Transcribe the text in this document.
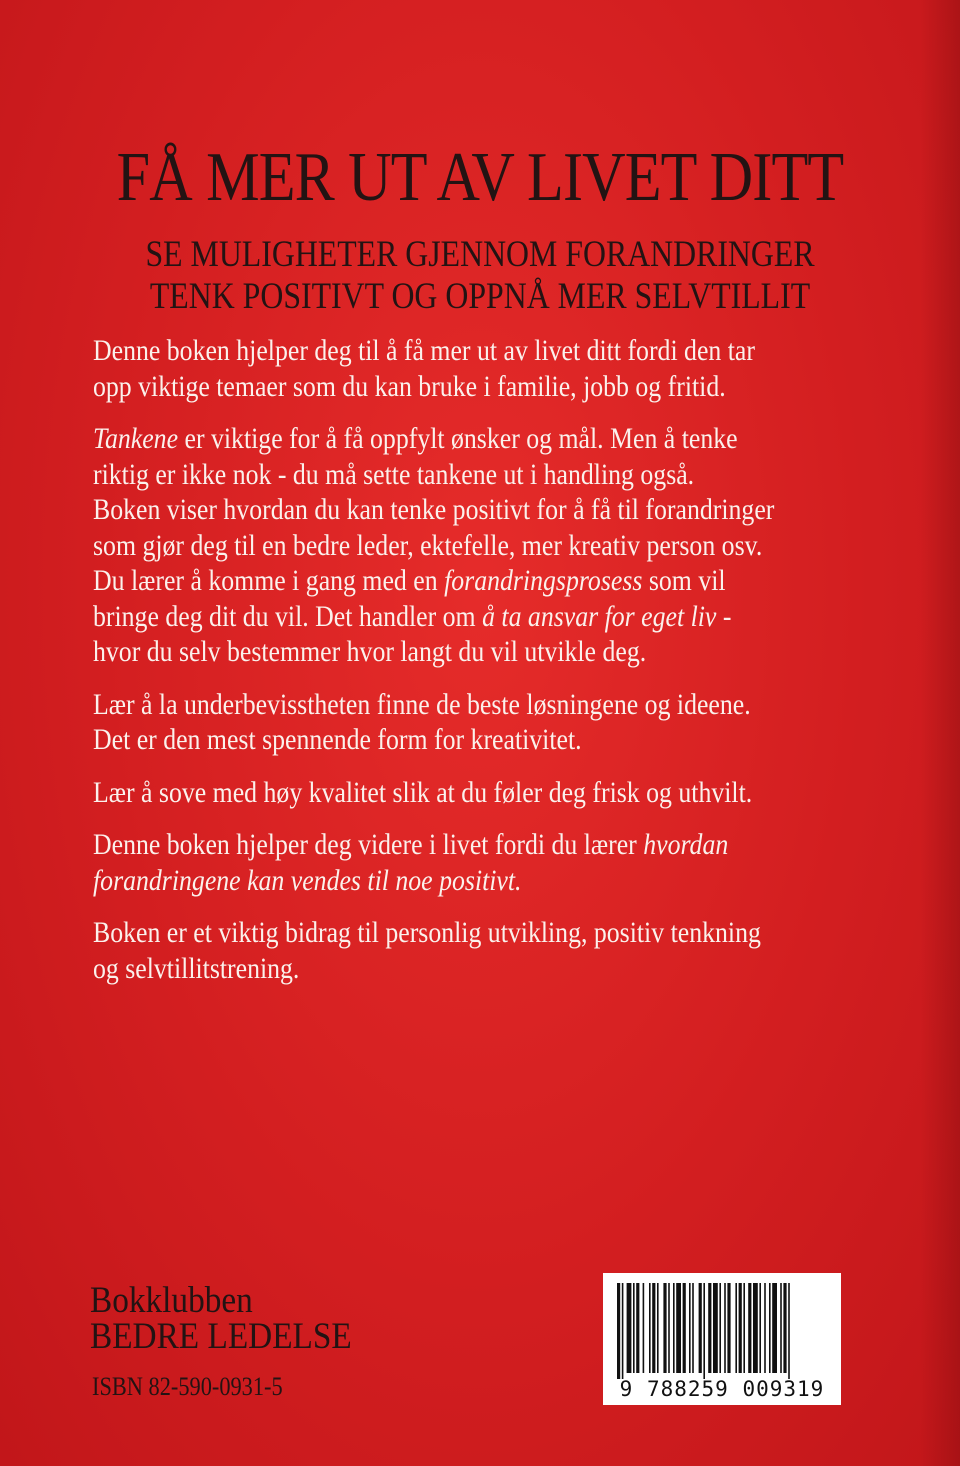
FÅ MER UT AV LIVET DITT
SE MULIGHETER GJENNOM FORANDRINGER
TENK POSITIVT OG OPPNÅ MER SELVTILLIT

Denne boken hjelper deg til å få mer ut av livet ditt fordi den tar
opp viktige temaer som du kan bruke i familie, jobb og fritid.

Tankene er viktige for å få oppfylt ønsker og mål. Men å tenke
riktig er ikke nok - du må sette tankene ut i handling også.
Boken viser hvordan du kan tenke positivt for å få til forandringer
som gjør deg til en bedre leder, ektefelle, mer kreativ person osv.
Du lærer å komme i gang med en forandringsprosess som vil
bringe deg dit du vil. Det handler om å ta ansvar for eget liv -
hvor du selv bestemmer hvor langt du vil utvikle deg.

Lær å la underbevisstheten finne de beste løsningene og ideene.
Det er den mest spennende form for kreativitet.

Lær å sove med høy kvalitet slik at du føler deg frisk og uthvilt.

Denne boken hjelper deg videre i livet fordi du lærer hvordan
forandringene kan vendes til noe positivt.

Boken er et viktig bidrag til personlig utvikling, positiv tenkning
og selvtillitstrening.

Bokklubben
BEDRE LEDELSE
ISBN 82-590-0931-5	9 788259 009319
